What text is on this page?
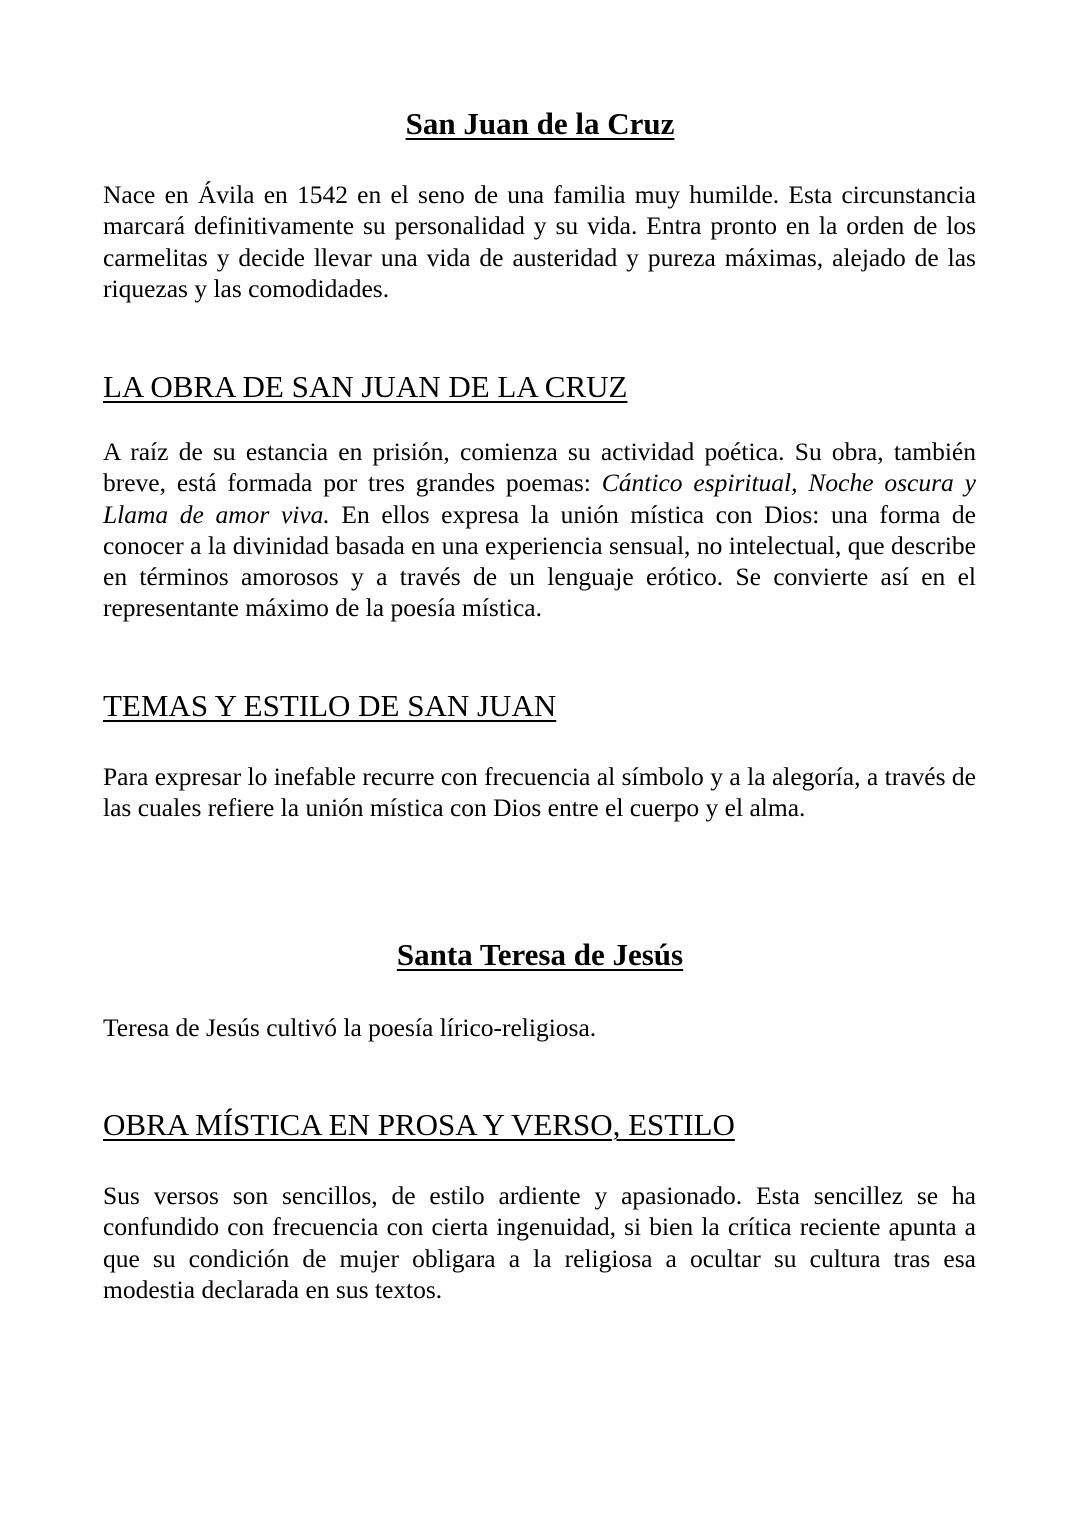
San Juan de la Cruz

Nace en Ávila en 1542 en el seno de una familia muy humilde. Esta circunstancia marcará definitivamente su personalidad y su vida. Entra pronto en la orden de los carmelitas y decide llevar una vida de austeridad y pureza máximas, alejado de las riquezas y las comodidades.

LA OBRA DE SAN JUAN DE LA CRUZ

A raíz de su estancia en prisión, comienza su actividad poética. Su obra, también breve, está formada por tres grandes poemas: Cántico espiritual, Noche oscura y Llama de amor viva. En ellos expresa la unión mística con Dios: una forma de conocer a la divinidad basada en una experiencia sensual, no intelectual, que describe en términos amorosos y a través de un lenguaje erótico. Se convierte así en el representante máximo de la poesía mística.

TEMAS Y ESTILO DE SAN JUAN

Para expresar lo inefable recurre con frecuencia al símbolo y a la alegoría, a través de las cuales refiere la unión mística con Dios entre el cuerpo y el alma.

Santa Teresa de Jesús

Teresa de Jesús cultivó la poesía lírico-religiosa.

OBRA MÍSTICA EN PROSA Y VERSO, ESTILO

Sus versos son sencillos, de estilo ardiente y apasionado. Esta sencillez se ha confundido con frecuencia con cierta ingenuidad, si bien la crítica reciente apunta a que su condición de mujer obligara a la religiosa a ocultar su cultura tras esa modestia declarada en sus textos.
